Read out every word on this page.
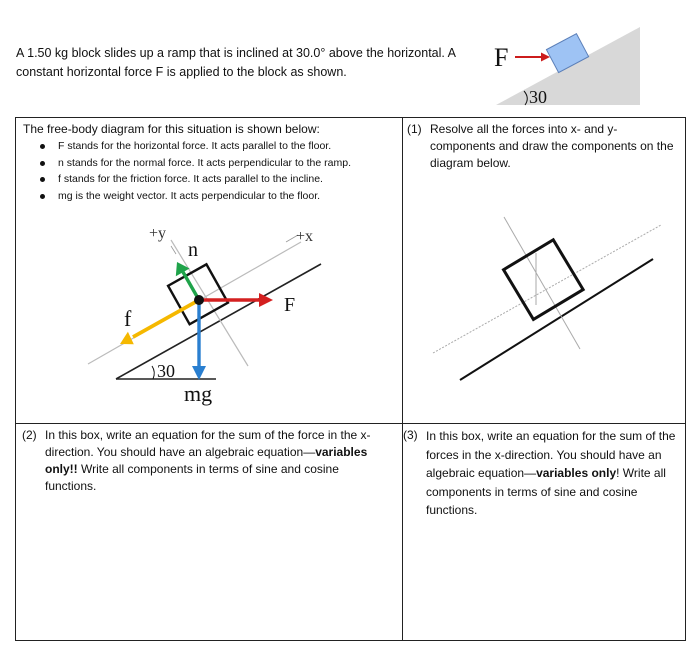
A 1.50 kg block slides up a ramp that is inclined at 30.0° above the horizontal. A constant horizontal force F is applied to the block as shown.	F
30
The free-body diagram for this situation is shown below:
F stands for the horizontal force. It acts parallel to the floor.
n stands for the normal force. It acts perpendicular to the ramp.
f stands for the friction force. It acts parallel to the incline.
mg is the weight vector. It acts perpendicular to the floor.
+y	+x
n
f
F
mg
30
(1) Resolve all the forces into x- and y-components and draw the components on the diagram below.
(2) In this box, write an equation for the sum of the force in the x-direction. You should have an algebraic equation—variables only!! Write all components in terms of sine and cosine functions.
(3) In this box, write an equation for the sum of the forces in the x-direction. You should have an algebraic equation—variables only! Write all components in terms of sine and cosine functions.
